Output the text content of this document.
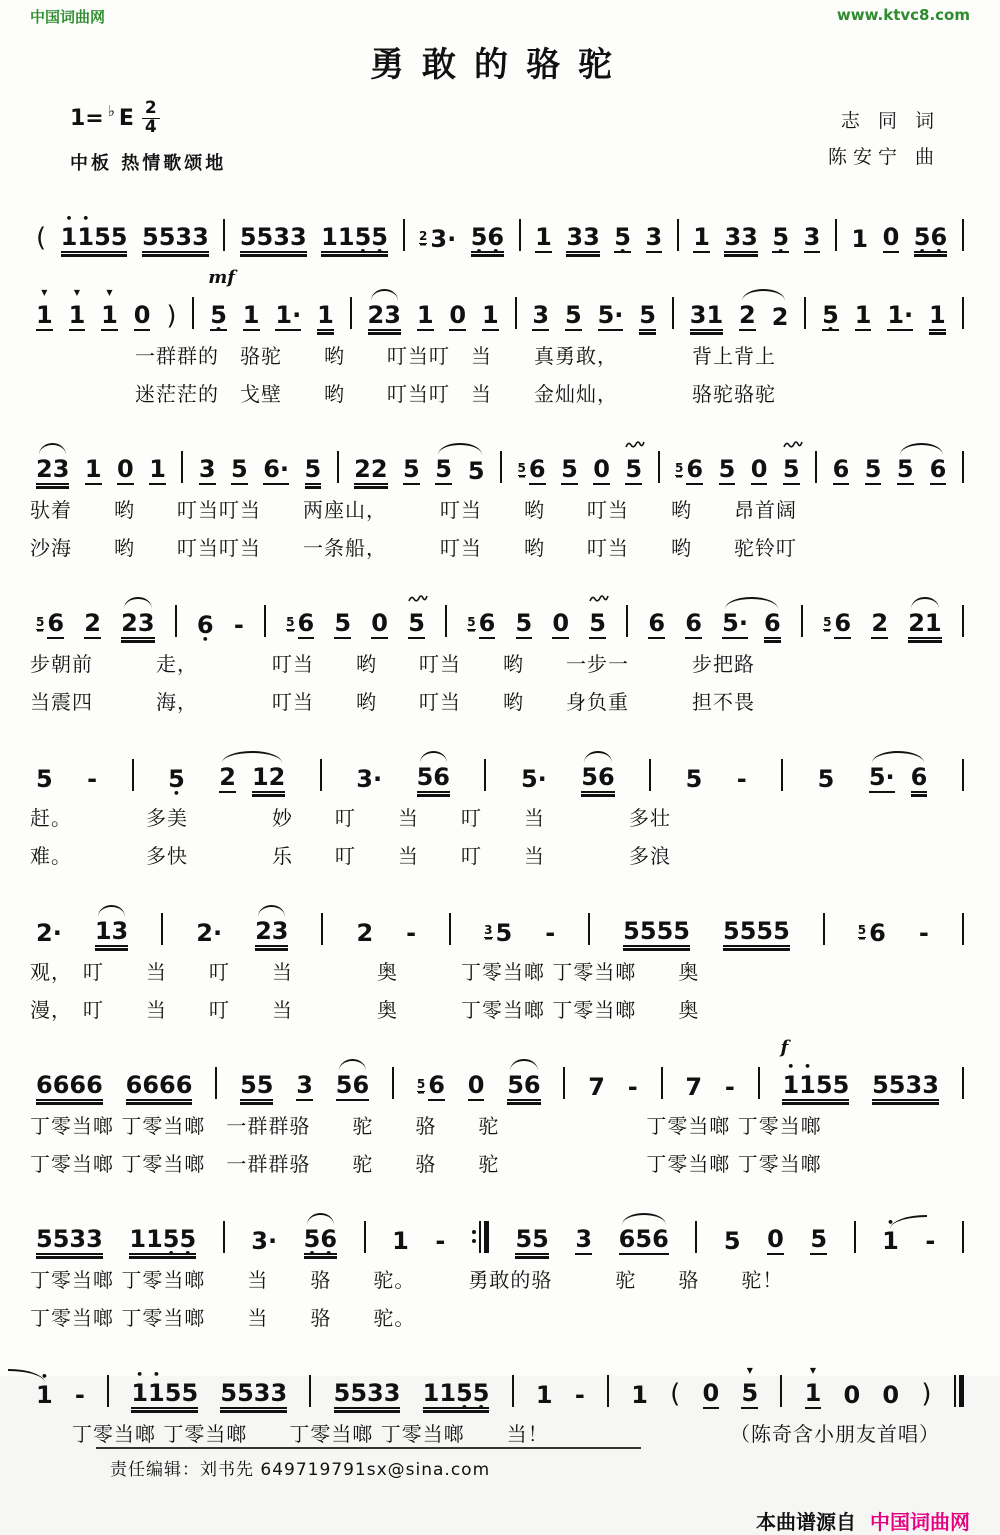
中国词曲网	www.ktvc8.com
勇敢的骆驼
1= ♭ E $\frac{2}{4}$
中板 热情歌颂地
志 同 词
陈安宁 曲
( • 1• 155 5533 5533 115 •5 •	2 3· 5 •6 • 1 33 5 • 3 1 33 5 • 3 1 0 5 •6 •
▼ 1 ▼ 1 ▼ 1 0 )
mf
5 • 1 1· 1 23 1 0 1 3 5 5· 5 31 2 2 5 • 1 1· 1
　　　　　一群群的　骆驼　　哟　　叮当叮　当　　真勇敢，　　　　背上背上
　　　　　迷茫茫的　戈壁　　哟　　叮当叮　当　　金灿灿，　　　　骆驼骆驼
23 1 0 1 3 5 6· 5 22 5 5 5	5 6 5 0 5	5 6 5 0 5 6 5 5 6
驮着　　哟　　叮当叮当　　两座山，　　　叮当　　哟　　叮当　　哟　　昂首阔
沙海　　哟　　叮当叮当　　一条船，　　　叮当　　哟　　叮当　　哟　　驼铃叮
5 6 2 23 6 • -	5 6 5 0 5	5 6 5 0 5 6 6 5· 6	5 6 2 21
步朝前　　　走，　　　　叮当　　哟　　叮当　　哟　　一步一　　　步把路
当震四　　　海，　　　　叮当　　哟　　叮当　　哟　　身负重　　　担不畏
5 -	5 • 2 12	3· 56	5· 56	5 -	5 5· 6
赶。　　　　多美　　　　妙　　叮　　当　　叮　　当　　　　多壮
难。　　　　多快　　　　乐　　叮　　当　　叮　　当　　　　多浪
2· 13	2· 23	2 -	3 5 -	5555 5555	5 6 -
观，　叮　　当　　叮　　当　　　　奥　　　丁零当啷 丁零当啷　　奥
漫，　叮　　当　　叮　　当　　　　奥　　　丁零当啷 丁零当啷　　奥
6666 6666 55 3 56	5 6 0 56 7 - 7 -
f
• 1• 155 5533
丁零当啷 丁零当啷　一群群骆　　驼　　骆　　驼　　　　　　　丁零当啷 丁零当啷
丁零当啷 丁零当啷　一群群骆　　驼　　骆　　驼　　　　　　　丁零当啷 丁零当啷
5533 115 •5 • 3· 5 •6 • 1 -	55 3 656 5 0 5 • 1 -
丁零当啷 丁零当啷　　当　　骆　　驼。　　　勇敢的骆　　　驼　　骆　　驼！
丁零当啷 丁零当啷　　当　　骆　　驼。
• 1 - • 1• 155 5533 5533 115 •5 • 1 - 1 ( 0 ▼ 5 ▼ 1 0 0 )
　　丁零当啷 丁零当啷　　丁零当啷 丁零当啷　　当！	（陈奇含小朋友首唱）
责任编辑：刘书先 649719791sx@sina.com
本曲谱源自 中国词曲网
